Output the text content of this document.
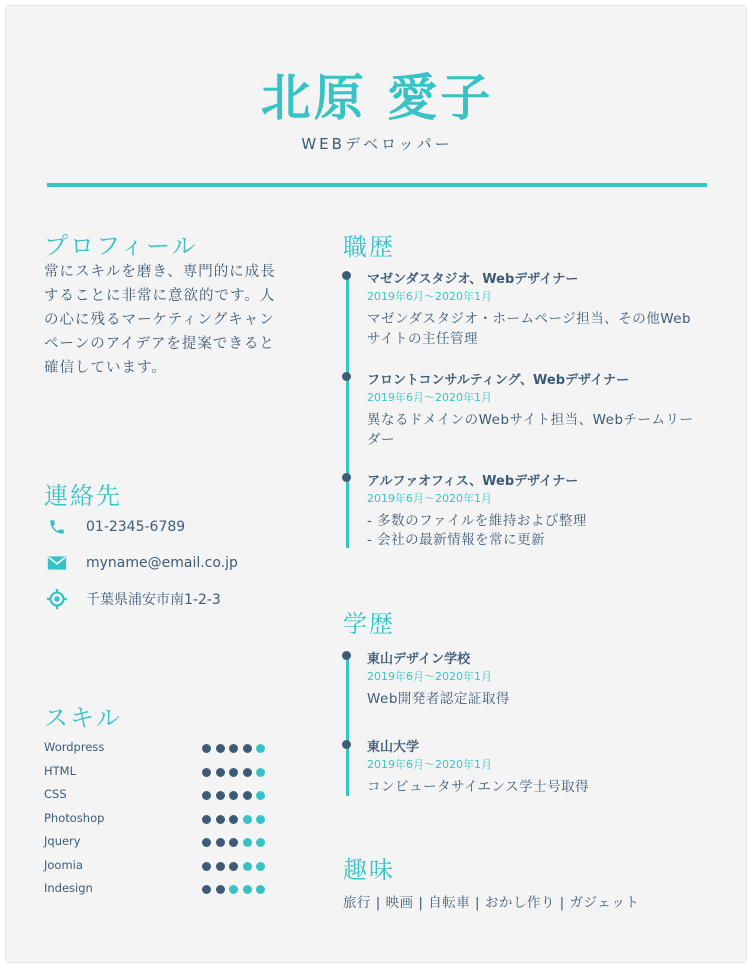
北原 愛子
WEBデベロッパー
プロフィール
常にスキルを磨き、専門的に成長することに非常に意欲的です。人の心に残るマーケティングキャンペーンのアイデアを提案できると確信しています。
連絡先
01-2345-6789
myname@email.co.jp
千葉県浦安市南1-2-3
スキル
Wordpress
HTML
CSS
Photoshop
Jquery
Joomia
Indesign
職歴
マゼンダスタジオ、Webデザイナー
2019年6月〜2020年1月
マゼンダスタジオ・ホームページ担当、その他Webサイトの主任管理
フロントコンサルティング、Webデザイナー
2019年6月〜2020年1月
異なるドメインのWebサイト担当、Webチームリーダー
アルファオフィス、Webデザイナー
2019年6月〜2020年1月
- 多数のファイルを維持および整理
- 会社の最新情報を常に更新
学歴
東山デザイン学校
2019年6月〜2020年1月
Web開発者認定証取得
東山大学
2019年6月〜2020年1月
コンピュータサイエンス学士号取得
趣味
旅行 | 映画 | 自転車 | おかし作り | ガジェット
